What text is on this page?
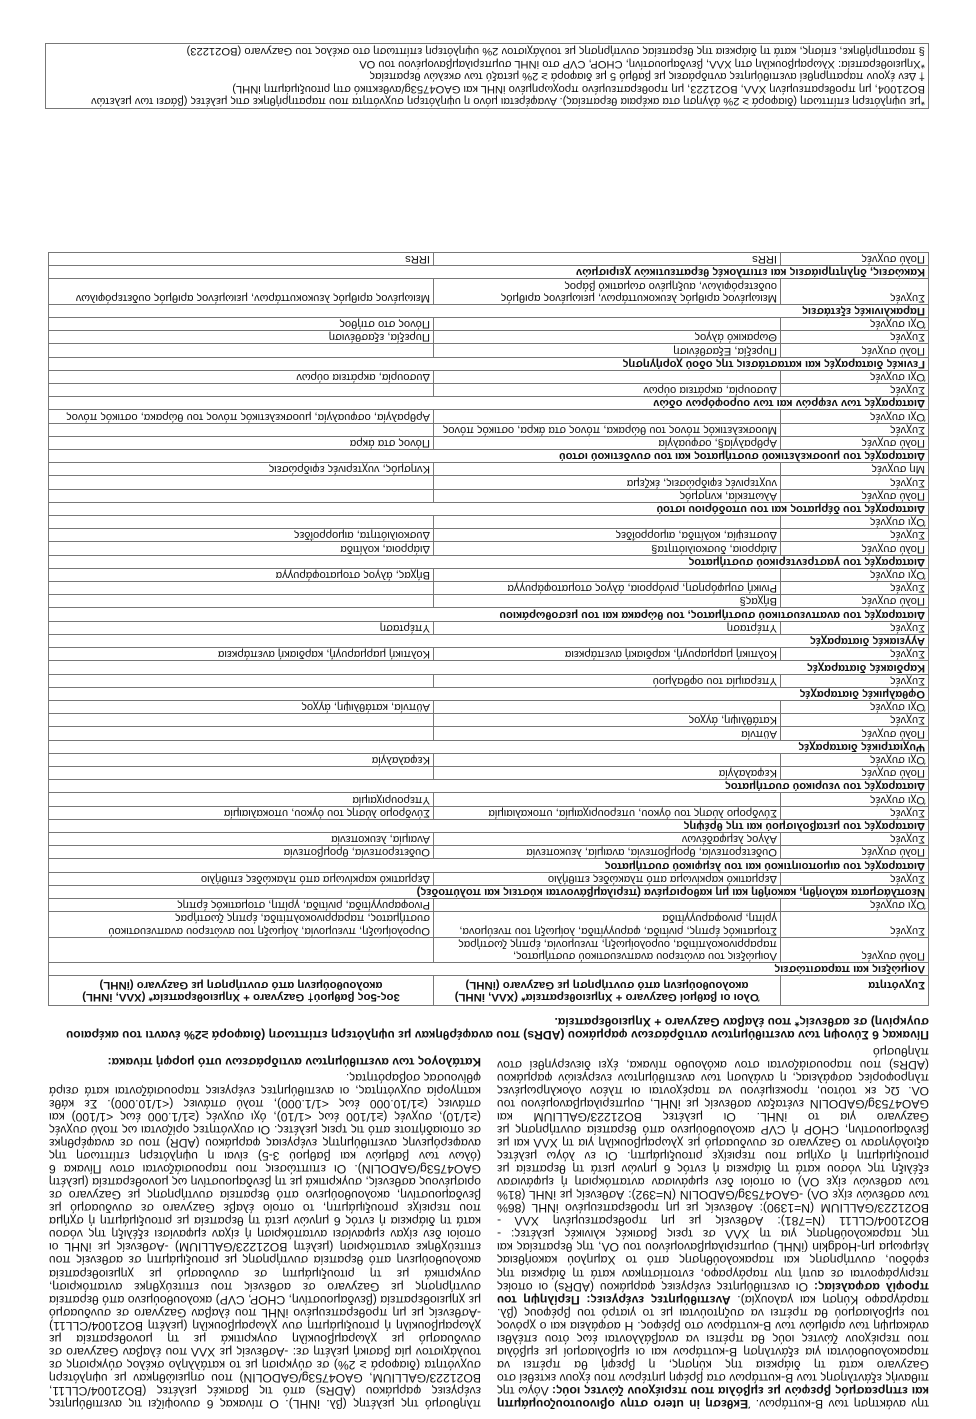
την ανάκτηση των Β-κυττάρων. Έκθεση in utero στην οβινουτουζουμάμπη και επηρεασμός βρεφών με εμβόλια που περιέχουν ζώντες ιούς: Λόγω της πιθανής εξάντλησης των Β-κυττάρων στα βρέφη μητέρων που έχουν εκτεθεί στο Gazyvaro κατά τη διάρκεια της κύησης, η βρεφή θα πρέπει να παρακολουθούνται για εξάντληση Β-κυττάρων και οι εμβολιασμοί με εμβόλια που περιέχουν ζώντες ιούς θα πρέπει να αναβάλλονται έως ότου επέλθει ανάκαμψη των αριθμών των Β-κυττάρων στο βρέφος. Η ασφάλεια και ο χρόνος του εμβολιασμού θα πρέπει να συζητούνται με το γιατρό του βρέφους (βλ. παράγραφο Κύηση και γαλουχία). Ανεπιθύμητες ενέργειες: Περίληψη του προφίλ ασφαλείας: Οι ανεπιθύμητες ενέργειες φαρμάκου (ADRs) οι οποίες περιγράφονται σε αυτή την παράγραφο, εντοπίστηκαν κατά τη διάρκεια της εφόδου, συντήρησης και παρακολούθησης από το Χαμηλού κακοήθειας λέμφωμα μη-Hodgkin (iNHL) συμπεριλαμβανομένου του ΟΛ, της θεραπείας και της παρακολούθησης για τη ΧΛΛ σε τρεις βασικές κλινικές μελέτες: -BO21004/CLL11 (N=781): Ασθενείς με μη προθεραπευμένη ΧΛΛ -BO21223/GALLIUM (N=1390): Ασθενείς με μη προθεραπευμένο iNHL (86% των ασθενών είχε ΟΛ) -GAO4753g/GADOLIN (N=392): Ασθενείς με iNHL (81% των ασθενών είχε ΟΛ) οι οποίοι δεν εμφάνισαν ανταπόκριση ή εμφάνισαν εξέλιξη της νόσου κατά τη διάρκεια ή εντός 6 μηνών μετά τη θεραπεία με ριτουξιμάμπη ή σχήμα που περιείχε ριτουξιμάμπη. Οι εν λόγω μελέτες αξιολόγησαν το Gazyvaro σε συνδυασμό με χλωραμβουκίλη για τη ΧΛΛ και με βενδαμουστίνη, CHOP ή CVP ακολουθούμενο από θεραπεία συντήρησης με Gazyvaro για το iNHL. Οι μελέτες BO21223/GALLIUM και GAO4753g/GADOLIN ενέταξαν ασθενείς με iNHL, συμπεριλαμβανομένου του ΟΛ. Ως εκ τούτου, προκειμένου να παρέχονται οι πλέον ολοκληρωμένες πληροφορίες ασφάλειας, η ανάλυση των ανεπιθύμητων ενεργειών φαρμάκου (ADRs) που παρουσιάζονται στον ακόλουθο πίνακα, έχει διενεργηθεί στον πληθυσμό

πληθυσμό της μελέτης (βλ. iNHL). Ο πίνακας 6 συνοψίζει τις ανεπιθύμητες ενέργειες φαρμάκου (ADRs) από τις βασικές μελέτες (BO21004/CLL11, BO21223/GALLIUM, GAO4753g/GADOLIN) που σημειώθηκαν με υψηλότερη συχνότητα (διαφορά ≥ 2%) σε σύγκριση με το κατάλληλο σκέλος σύγκρισης σε τουλάχιστον μία βασική μελέτη σε: -Ασθενείς με ΧΛΛ που έλαβαν Gazyvaro σε συνδυασμό με χλωραμβουκίλη συγκριτικά με τη μονοθεραπεία με χλωραμβουκίλη ή ριτουξιμάμπη συν χλωραμβουκίλη (μελέτη BO21004/CLL11) -Ασθενείς με μη προθεραπευμένο iNHL που έλαβαν Gazyvaro σε συνδυασμό με χημειοθεραπεία (βενδαμουστίνη, CHOP, CVP) ακολουθούμενο από θεραπεία συντήρησης με Gazyvaro σε ασθενείς που επιτεύχθηκε ανταπόκριση, συγκριτικά με τη ριτουξιμάμπη σε συνδυασμό με χημειοθεραπεία ακολουθούμενη από θεραπεία συντήρησης με ριτουξιμάμπη σε ασθενείς που επιτεύχθηκε ανταπόκριση (μελέτη BO21223/GALLIUM) -Ασθενείς με iNHL οι οποίοι δεν είχαν εμφανίσει ανταπόκριση ή είχαν εμφανίσει εξέλιξη της νόσου κατά τη διάρκεια ή εντός 6 μηνών μετά τη θεραπεία με ριτουξιμάμπη ή σχήμα που περιείχε ριτουξιμάμπη, το οποίο έλαβε Gazyvaro σε συνδυασμό με βενδαμουστίνη, ακολουθούμενο από θεραπεία συντήρησης με Gazyvaro σε ορισμένους ασθενείς, συγκριτικά με τη βενδαμουστίνη ως μονοθεραπεία (μελέτη GAO4753g/GADOLIN). Οι επιπτώσεις που παρουσιάζονται στον Πίνακα 6 (όλων των βαθμών και βαθμού 3-5) είναι η υψηλότερη επίπτωση της αναφερόμενης ανεπιθύμητης ενέργειας φαρμάκου (ADR) που σε αναφέρθηκε σε οποιαδήποτε από τις τρεις μελέτες. Οι συχνότητες ορίζονται ως πολύ συχνές (≥1/10), συχνές (≥1/100 έως <1/10), όχι συχνές (≥1/1.000 έως <1/100) και σπάνιες (≥1/10.000 έως <1/1.000), πολύ σπάνιες (<1/10.000). Σε κάθε κατηγορία συχνότητας, οι ανεπιθύμητες ενέργειες παρουσιάζονται κατά σειρά φθίνουσας σοβαρότητας.

Κατάλογος των ανεπιθύμητων αντιδράσεων υπό μορφή πίνακα:

Πίνακας 6 Σύνοψη των ανεπιθύμητων αντιδράσεων φαρμάκου (ADRs) που αναφέρθηκαν με υψηλότερη επίπτωση (διαφορά ≥2% έναντι του ακέραιου συγκρίνη) σε ασθενείς* που έλαβαν Gazyvaro + Χημειοθεραπεία.
Συχνότητα	Όλοι οι βαθμοί Gazyvaro + Χημειοθεραπεία* (ΧΛΛ, iNHL) ακολουθούμενη από συντήρηση με Gazyvaro (iNHL)	3ος-5ος βαθμού† Gazyvaro + Χημειοθεραπεία* (ΧΛΛ, iNHL) ακολουθούμενη από συντήρηση με Gazyvaro (iNHL)
Λοιμώξεις και παρασιτώσεις		
Πολύ συχνές	Λοιμώξεις του ανώτερου αναπνευστικού συστήματος, παραρρινοκολπίτιδα, ουρολοίμωξη, πνευμονία, έρπης ζωστήρας	
Συχνές	Στοματικός έρπης, ρινίτιδα, φαρυγγίτιδα, λοίμωξη του πνεύμονα, γρίπη, ρινοφαρυγγίτιδα	Ουρολοίμωξη, πνευμονία, λοίμωξη του ανώτερου αναπνευστικού συστήματος, παραρρινοκολπίτιδα, έρπης ζωστήρας
Όχι συχνές		Ρινοφαρυγγίτιδα, ρινίτιδα, γρίπη, στοματικός έρπης
Νεοπλάσματα καλοήθη, κακοήθη και μη καθορισμένα (περιλαμβάνονται κύστεις και πολύποδες)		
Συχνές	Δερματικό καρκίνωμα από πλακώδες επιθήλιο	Δερματικό καρκίνωμα από πλακώδες επιθήλιο
Διαταραχές του αιμοποιητικού και του λεμφικού συστήματος		
Πολύ συχνές	Ουδετεροπενία, θρομβοπενία, αναιμία, λευκοπενία	Ουδετεροπενία, θρομβοπενία
Συχνές	Αλγος λεμφαδένων	Αναιμία, λευκοπενία
Διαταραχές του μεταβολισμού και της θρέψης		
Συχνές	Σύνδρομο λύσης του όγκου, υπερουριχαιμία, υποκαλιαιμία	Σύνδρομο λύσης του όγκου, υποκαλιαιμία
Όχι συχνές		Υπερουριχαιμία
Διαταραχές του νευρικού συστήματος		
Πολύ συχνές	Κεφαλαλγία	
Όχι συχνές		Κεφαλαλγία
Ψυχιατρικές διαταραχές		
Πολύ συχνές	Αϋπνία	
Συχνές	Κατάθλιψη, άγχος	
Όχι συχνές		Αϋπνία, κατάθλιψη, άγχος
Οφθαλμικές διαταραχές		
Συχνές	Υπεραιμία του οφθαλμού	
Καρδιακές διαταραχές		
Συχνές	Κολπική μαρμαρυγή, καρδιακή ανεπάρκεια	Κολπική μαρμαρυγή, καρδιακή ανεπάρκεια
Αγγειακές διαταραχές		
Συχνές	Υπέρταση	Υπέρταση
Διαταραχές του αναπνευστικού συστήματος, του θώρακα και του μεσοθωράκιου		
Πολύ συχνές	Βήχας§	
Συχνές	Ρινική συμφόρηση, ρινόρροια, άλγος στοματοφάρυγγα	
Όχι συχνές		Βήχας, άλγος στοματοφάρυγγα
Διαταραχές του γαστρεντερικού συστήματος		
Πολύ συχνές	Διάρροια, δυσκοιλιότητα§	Διάρροια, κολίτιδα
Συχνές	Δυσπεψία, κολίτιδα, αιμορροΐδες	Δυσκοιλιότητα, αιμορροΐδες
Όχι συχνές		
Διαταραχές του δέρματος και του υποδόριου ιστού		
Πολύ συχνές	Αλωπεκία, κνησμός	
Συχνές	νυχτερινές εφιδρώσεις, έκζεμα	
Μη συχνές		Κνησμός, νυχτερινές εφιδρώσεις
Διαταραχές του μυοσκελετικού συστήματος και του συνδετικού ιστού		
Πολύ συχνές	Αρθραλγία§, οσφυαλγία	Πόνος στα άκρα
Συχνές	Μυοσκελετικός πόνος του θώρακα, πόνος στα άκρα, οστικός πόνος	
Όχι συχνές		Αρθραλγία, οσφυαλγία, μυοσκελετικός πόνος του θώρακα, οστικός πόνος
Διαταραχές των νεφρών και των ουροφόρων οδών		
Συχνές	Δυσουρία, ακράτεια ούρων	
Όχι συχνές		Δυσουρία, ακράτεια ούρων
Γενικές διαταραχές και καταστάσεις της οδού χορήγησης		
Πολύ συχνές	Πυρεξία, Εξασθένιση	
Συχνές	Θωρακικό άλγος	Πυρεξία, εξασθένιση
Όχι συχνές		Πόνος στο στήθος
Παρακλινικές εξετάσεις		
Συχνές	Μειωμένος αριθμός λευκοκυττάρων, μειωμένος αριθμός ουδετερόφιλων, αυξημένο σωματικό βάρος	Μειωμένος αριθμός λευκοκυττάρων, μειωμένος αριθμός ουδετερόφιλων
Κακώσεις, δηλητηριάσεις και επιπλοκές θεραπευτικών χειρισμών		
Πολύ συχνές	IRRs	IRRs

*με υψηλότερη επίπτωση (διαφορά ≥ 2% άλγηση στα ακέραια θεραπείας). Αναφέρεται μόνο η υψηλότερη συχνότητα που παρατηρήθηκε στις μελέτες (βάσει των μελετών BO21004, μη προθεραπευμένη ΧΛΛ, BO21223, μη προθεραπευμένο προχωρημένο iNHL και GAO4753g/ανθεκτικό στη ριτουξιμάμπη iNHL)

† Δεν έχουν παρατηρηθεί ανεπιθύμητες αντιδράσεις με βαθμό 5 με διαφορά ≥ 2% μεταξύ των σκελών θεραπείας

*Χημειοθεραπεία: Χλωραμβουκίλη στη ΧΛΛ, βενδαμουστίνη, CHOP, CVP στο iNHL συμπεριλαμβανομένου του ΟΛ

§ παρατηρήθηκε, επίσης, κατά τη διάρκεια της θεραπείας συντήρησης με τουλάχιστον 2% υψηλότερη επίπτωση στο σκέλος του Gazyvaro (BO21223)
